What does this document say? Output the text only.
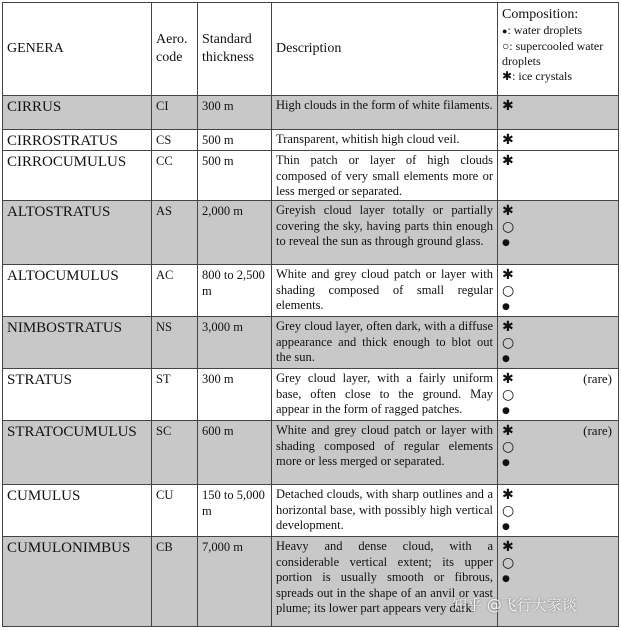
GENERA	Aero. code	Standard thickness	Description	Composition:
●: water droplets
○: supercooled water droplets
✱: ice crystals

CIRRUS	CI	300 m	High clouds in the form of white filaments.	✱

CIRROSTRATUS	CS	500 m	Transparent, whitish high cloud veil.	✱

CIRROCUMULUS	CC	500 m	Thin patch or layer of high clouds composed of very small elements more or less merged or separated.	✱

ALTOSTRATUS	AS	2,000 m	Greyish cloud layer totally or partially covering the sky, having parts thin enough to reveal the sun as through ground glass.	✱
○
●

ALTOCUMULUS	AC	800 to 2,500 m	White and grey cloud patch or layer with shading composed of small regular elements.	✱
○
●

NIMBOSTRATUS	NS	3,000 m	Grey cloud layer, often dark, with a diffuse appearance and thick enough to blot out the sun.	✱
○
●

STRATUS	ST	300 m	Grey cloud layer, with a fairly uniform base, often close to the ground. May appear in the form of ragged patches.	✱
○
●
(rare)

STRATOCUMULUS	SC	600 m	White and grey cloud patch or layer with shading composed of regular elements more or less merged or separated.	✱
○
●
(rare)

CUMULUS	CU	150 to 5,000 m	Detached clouds, with sharp outlines and a horizontal base, with possibly high vertical development.	✱
○
●

CUMULONIMBUS	CB	7,000 m	Heavy and dense cloud, with a considerable vertical extent; its upper portion is usually smooth or fibrous, spreads out in the shape of an anvil or vast plume; its lower part appears very dark.	✱
○
●
知乎 @飞行大家谈
